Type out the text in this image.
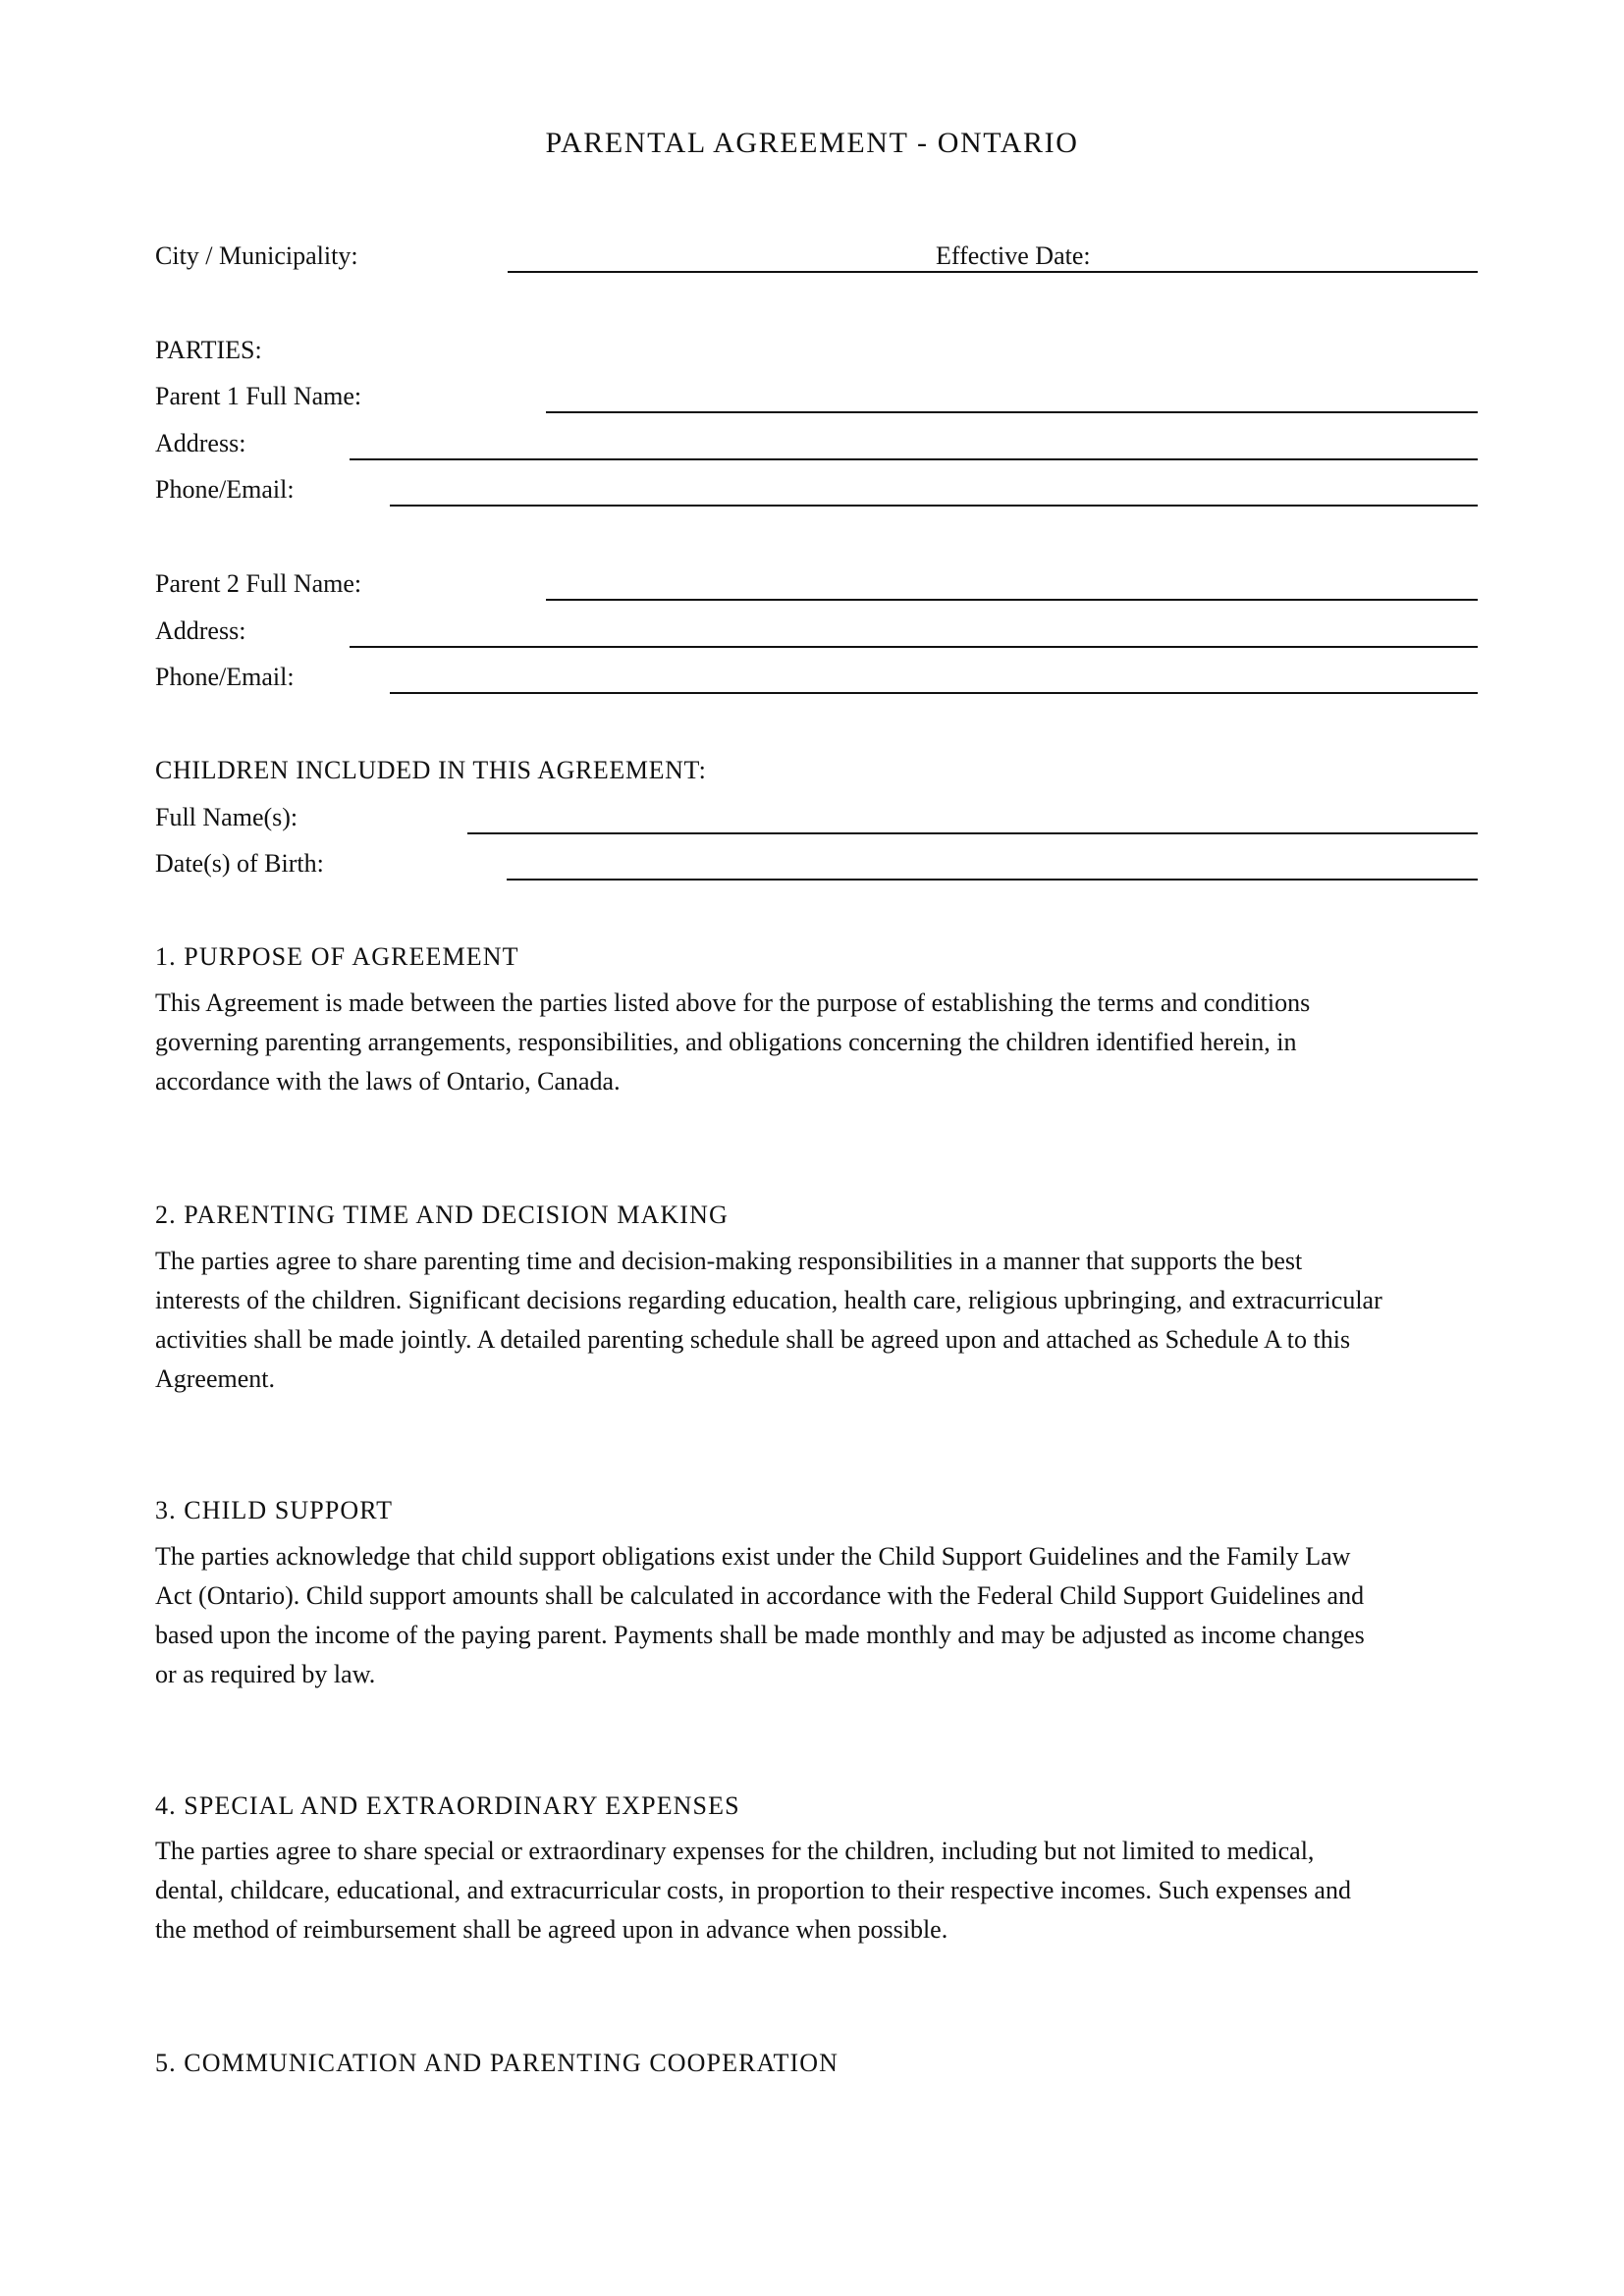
PARENTAL AGREEMENT - ONTARIO
City / Municipality:	Effective Date:
PARTIES:
Parent 1 Full Name:
Address:
Phone/Email:
Parent 2 Full Name:
Address:
Phone/Email:
CHILDREN INCLUDED IN THIS AGREEMENT:
Full Name(s):
Date(s) of Birth:
1. PURPOSE OF AGREEMENT

This Agreement is made between the parties listed above for the purpose of establishing the terms and conditions
governing parenting arrangements, responsibilities, and obligations concerning the children identified herein, in
accordance with the laws of Ontario, Canada.

2. PARENTING TIME AND DECISION MAKING

The parties agree to share parenting time and decision-making responsibilities in a manner that supports the best
interests of the children. Significant decisions regarding education, health care, religious upbringing, and extracurricular
activities shall be made jointly. A detailed parenting schedule shall be agreed upon and attached as Schedule A to this
Agreement.

3. CHILD SUPPORT

The parties acknowledge that child support obligations exist under the Child Support Guidelines and the Family Law
Act (Ontario). Child support amounts shall be calculated in accordance with the Federal Child Support Guidelines and
based upon the income of the paying parent. Payments shall be made monthly and may be adjusted as income changes
or as required by law.

4. SPECIAL AND EXTRAORDINARY EXPENSES

The parties agree to share special or extraordinary expenses for the children, including but not limited to medical,
dental, childcare, educational, and extracurricular costs, in proportion to their respective incomes. Such expenses and
the method of reimbursement shall be agreed upon in advance when possible.

5. COMMUNICATION AND PARENTING COOPERATION
